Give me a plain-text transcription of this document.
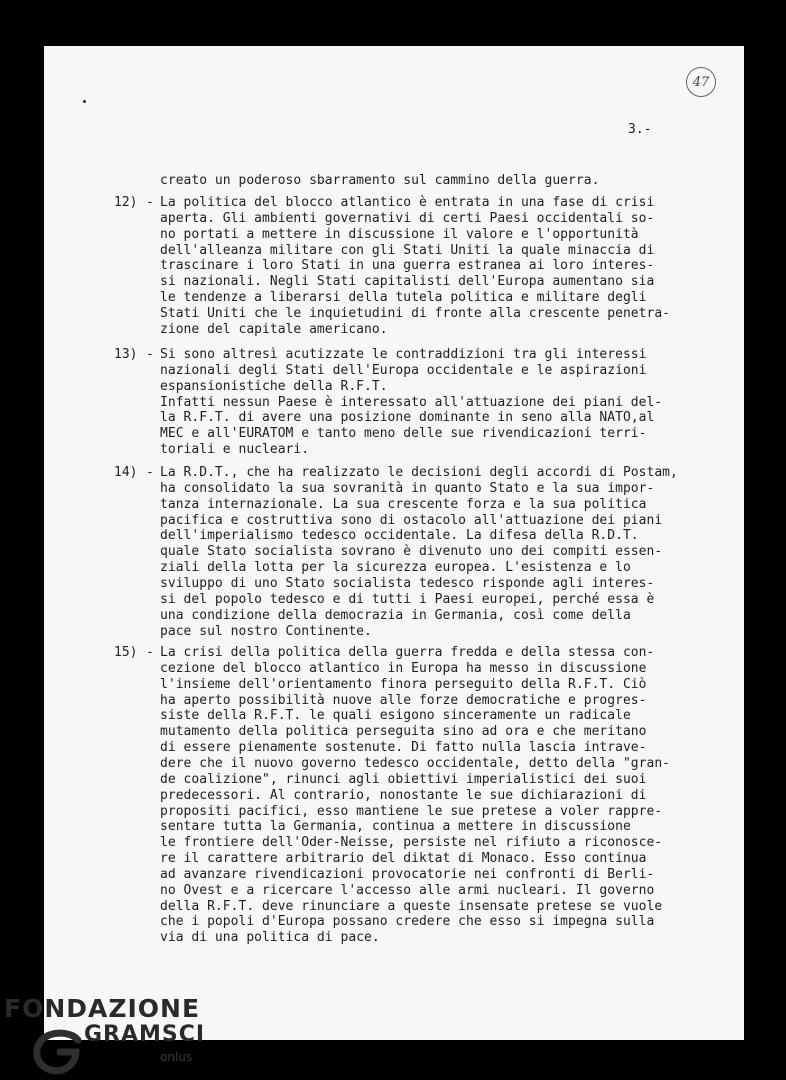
47
3.-
creato un poderoso sbarramento sul cammino della guerra.
12) - La politica del blocco atlantico è entrata in una fase di crisi
aperta. Gli ambienti governativi di certi Paesi occidentali so-
no portati a mettere in discussione il valore e l'opportunità
dell'alleanza militare con gli Stati Uniti la quale minaccia di
trascinare i loro Stati in una guerra estranea ai loro interes-
si nazionali. Negli Stati capitalisti dell'Europa aumentano sia
le tendenze a liberarsi della tutela politica e militare degli
Stati Uniti che le inquietudini di fronte alla crescente penetra-
zione del capitale americano.
13) - Si sono altresì acutizzate le contraddizioni tra gli interessi
nazionali degli Stati dell'Europa occidentale e le aspirazioni
espansionistiche della R.F.T.
Infatti nessun Paese è interessato all'attuazione dei piani del-
la R.F.T. di avere una posizione dominante in seno alla NATO,al
MEC e all'EURATOM e tanto meno delle sue rivendicazioni terri-
toriali e nucleari.
14) - La R.D.T., che ha realizzato le decisioni degli accordi di Postam,
ha consolidato la sua sovranità in quanto Stato e la sua impor-
tanza internazionale. La sua crescente forza e la sua politica
pacifica e costruttiva sono di ostacolo all'attuazione dei piani
dell'imperialismo tedesco occidentale. La difesa della R.D.T.
quale Stato socialista sovrano è divenuto uno dei compiti essen-
ziali della lotta per la sicurezza europea. L'esistenza e lo
sviluppo di uno Stato socialista tedesco risponde agli interes-
si del popolo tedesco e di tutti i Paesi europei, perché essa è
una condizione della democrazia in Germania, così come della
pace sul nostro Continente.
15) - La crisi della politica della guerra fredda e della stessa con-
cezione del blocco atlantico in Europa ha messo in discussione
l'insieme dell'orientamento finora perseguito della R.F.T. Ciò
ha aperto possibilità nuove alle forze democratiche e progres-
siste della R.F.T. le quali esigono sinceramente un radicale
mutamento della politica perseguita sino ad ora e che meritano
di essere pienamente sostenute. Di fatto nulla lascia intrave-
dere che il nuovo governo tedesco occidentale, detto della "gran-
de coalizione", rinunci agli obiettivi imperialistici dei suoi
predecessori. Al contrario, nonostante le sue dichiarazioni di
propositi pacifici, esso mantiene le sue pretese a voler rappre-
sentare tutta la Germania, continua a mettere in discussione
le frontiere dell'Oder-Neisse, persiste nel rifiuto a riconosce-
re il carattere arbitrario del diktat di Monaco. Esso continua
ad avanzare rivendicazioni provocatorie nei confronti di Berli-
no Ovest e a ricercare l'accesso alle armi nucleari. Il governo
della R.F.T. deve rinunciare a queste insensate pretese se vuole
che i popoli d'Europa possano credere che esso si impegna sulla
via di una politica di pace.
FONDAZIONE
GRAMSCI
onlus
